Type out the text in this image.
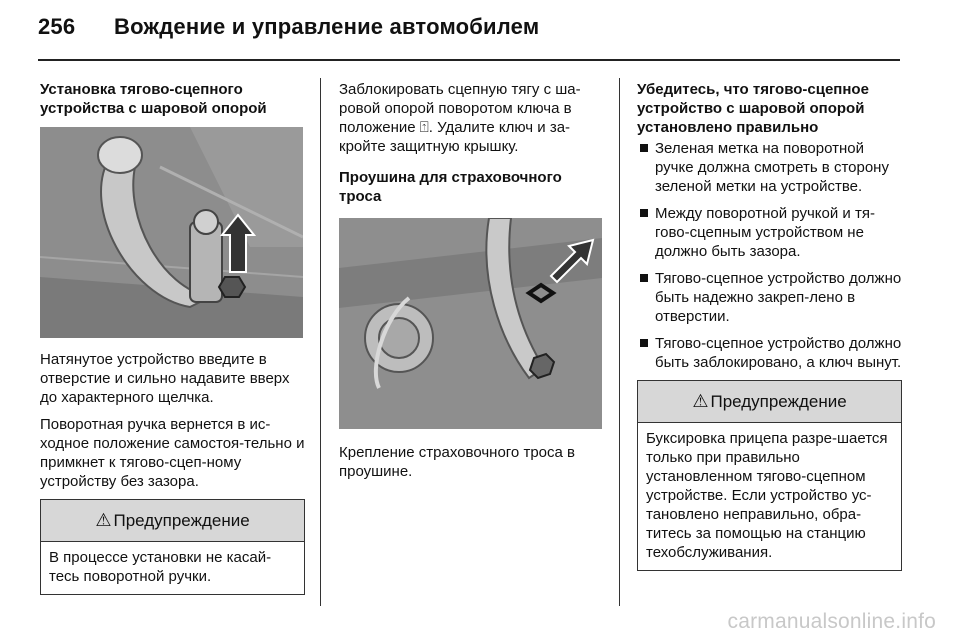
256 Вождение и управление автомобилем

Установка тягово-сцепного устройства с шаровой опорой

Натянутое устройство введите в отверстие и сильно надавите вверх до характерного щелчка.

Поворотная ручка вернется в ис-ходное положение самостоя-тельно и примкнет к тягово-сцеп-ному устройству без зазора.

⚠ Предупреждение
В процессе установки не касай-тесь поворотной ручки.

Заблокировать сцепную тягу с ша-ровой опорой поворотом ключа в положение ⍐. Удалите ключ и за-кройте защитную крышку.

Проушина для страховочного троса

Крепление страховочного троса в проушине.

Убедитесь, что тягово-сцепное устройство с шаровой опорой установлено правильно

Зеленая метка на поворотной ручке должна смотреть в сторону зеленой метки на устройстве.
Между поворотной ручкой и тя-гово-сцепным устройством не должно быть зазора.
Тягово-сцепное устройство должно быть надежно закреп-лено в отверстии.
Тягово-сцепное устройство должно быть заблокировано, а ключ вынут.
⚠ Предупреждение
Буксировка прицепа разре-шается только при правильно установленном тягово-сцепном устройстве. Если устройство ус-тановлено неправильно, обра-титесь за помощью на станцию техобслуживания.
carmanualsonline.info
